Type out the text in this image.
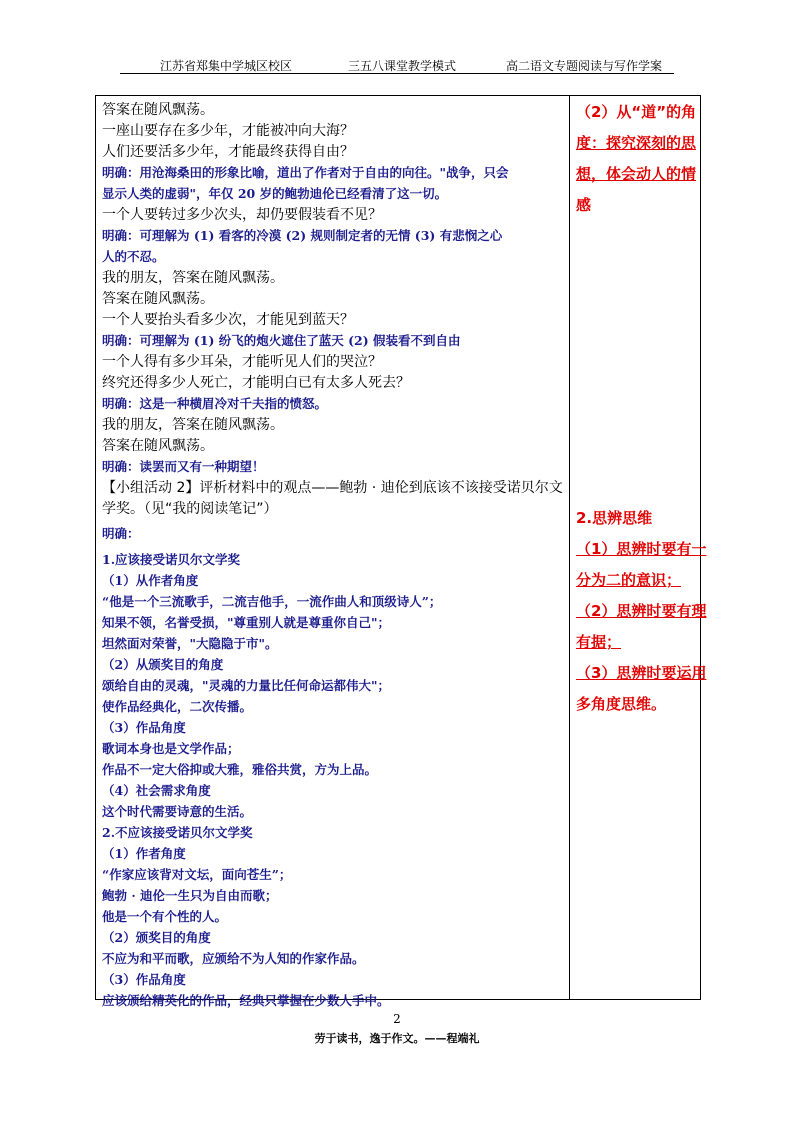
江苏省郑集中学城区校区	三五八课堂教学模式	高二语文专题阅读与写作学案
答案在随风飘荡。
一座山要存在多少年，才能被冲向大海？
人们还要活多少年，才能最终获得自由？
明确：用沧海桑田的形象比喻，道出了作者对于自由的向往。"战争，只会
显示人类的虚弱"，年仅 20 岁的鲍勃迪伦已经看清了这一切。
一个人要转过多少次头，却仍要假装看不见？
明确：可理解为 (1) 看客的冷漠 (2) 规则制定者的无情 (3) 有悲悯之心
人的不忍。
我的朋友，答案在随风飘荡。
答案在随风飘荡。
一个人要抬头看多少次，才能见到蓝天？
明确：可理解为 (1) 纷飞的炮火遮住了蓝天 (2) 假装看不到自由
一个人得有多少耳朵，才能听见人们的哭泣？
终究还得多少人死亡，才能明白已有太多人死去？
明确：这是一种横眉冷对千夫指的愤怒。
我的朋友，答案在随风飘荡。
答案在随风飘荡。
明确：读罢而又有一种期望！
【小组活动 2】评析材料中的观点——鲍勃 · 迪伦到底该不该接受诺贝尔文
学奖。（见“我的阅读笔记”）
明确：
1.应该接受诺贝尔文学奖
（1）从作者角度
“他是一个三流歌手，二流吉他手，一流作曲人和顶级诗人”；
知果不领，名誉受损，"尊重别人就是尊重你自己"；
坦然面对荣誉，"大隐隐于市"。
（2）从颁奖目的角度
颂给自由的灵魂，"灵魂的力量比任何命运都伟大"；
使作品经典化，二次传播。
（3）作品角度
歌词本身也是文学作品；
作品不一定大俗抑或大雅，雅俗共赏，方为上品。
（4）社会需求角度
这个时代需要诗意的生活。
2.不应该接受诺贝尔文学奖
（1）作者角度
“作家应该背对文坛，面向苍生”；
鲍勃 · 迪伦一生只为自由而歌；
他是一个有个性的人。
（2）颁奖目的角度
不应为和平而歌，应颁给不为人知的作家作品。
（3）作品角度
应该颁给精英化的作品，经典只掌握在少数人手中。
（2）从“道”的角
度：探究深刻的思
想，体会动人的情
感
2.思辨思维
（1）思辨时要有一
分为二的意识；
（2）思辨时要有理
有据；
（3）思辨时要运用
多角度思维。
2
劳于读书，逸于作文。——程端礼
